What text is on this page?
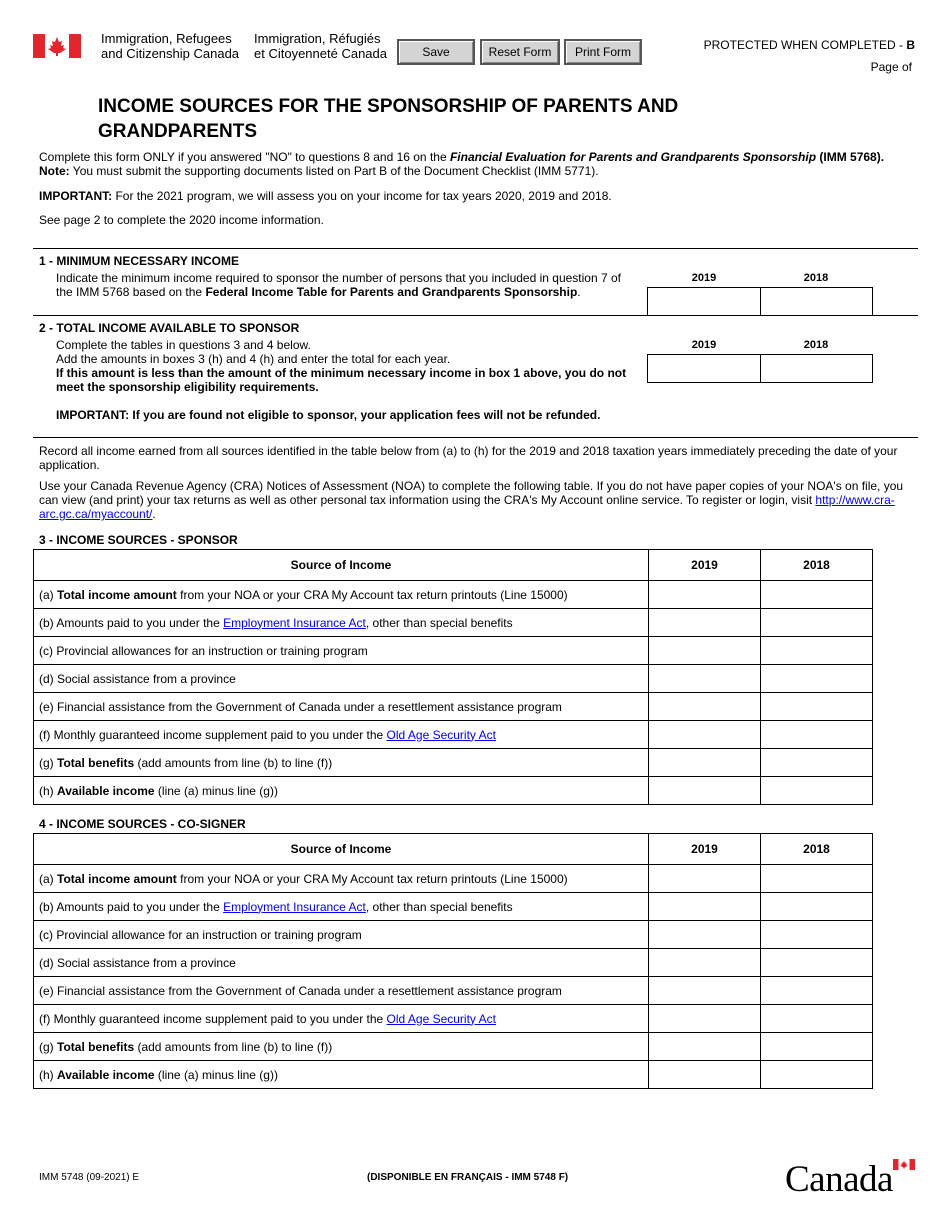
Immigration, Refugees
and Citizenship Canada
Immigration, Réfugiés
et Citoyenneté Canada	Save	Reset Form	Print Form	PROTECTED WHEN COMPLETED - B
Page of
INCOME SOURCES FOR THE SPONSORSHIP OF PARENTS AND GRANDPARENTS
Complete this form ONLY if you answered "NO" to questions 8 and 16 on the Financial Evaluation for Parents and Grandparents Sponsorship (IMM 5768).
Note: You must submit the supporting documents listed on Part B of the Document Checklist (IMM 5771).
IMPORTANT: For the 2021 program, we will assess you on your income for tax years 2020, 2019 and 2018.
See page 2 to complete the 2020 income information.
1 - MINIMUM NECESSARY INCOME
Indicate the minimum income required to sponsor the number of persons that you included in question 7 of the IMM 5768 based on the Federal Income Table for Parents and Grandparents Sponsorship.
2019	2018
2 - TOTAL INCOME AVAILABLE TO SPONSOR
Complete the tables in questions 3 and 4 below.
Add the amounts in boxes 3 (h) and 4 (h) and enter the total for each year.
If this amount is less than the amount of the minimum necessary income in box 1 above, you do not meet the sponsorship eligibility requirements.
IMPORTANT: If you are found not eligible to sponsor, your application fees will not be refunded.
2019	2018
Record all income earned from all sources identified in the table below from (a) to (h) for the 2019 and 2018 taxation years immediately preceding the date of your application.
Use your Canada Revenue Agency (CRA) Notices of Assessment (NOA) to complete the following table. If you do not have paper copies of your NOA's on file, you can view (and print) your tax returns as well as other personal tax information using the CRA's My Account online service. To register or login, visit http://www.cra-arc.gc.ca/myaccount/.
3 - INCOME SOURCES - SPONSOR
Source of Income	2019	2018
(a) Total income amount from your NOA or your CRA My Account tax return printouts (Line 15000)		
(b) Amounts paid to you under the Employment Insurance Act, other than special benefits		
(c) Provincial allowances for an instruction or training program		
(d) Social assistance from a province		
(e) Financial assistance from the Government of Canada under a resettlement assistance program		
(f) Monthly guaranteed income supplement paid to you under the Old Age Security Act		
(g) Total benefits (add amounts from line (b) to line (f))		
(h) Available income (line (a) minus line (g))		
4 - INCOME SOURCES - CO-SIGNER
Source of Income	2019	2018
(a) Total income amount from your NOA or your CRA My Account tax return printouts (Line 15000)		
(b) Amounts paid to you under the Employment Insurance Act, other than special benefits		
(c) Provincial allowance for an instruction or training program		
(d) Social assistance from a province		
(e) Financial assistance from the Government of Canada under a resettlement assistance program		
(f) Monthly guaranteed income supplement paid to you under the Old Age Security Act		
(g) Total benefits (add amounts from line (b) to line (f))		
(h) Available income (line (a) minus line (g))		
IMM 5748 (09-2021) E	(DISPONIBLE EN FRANÇAIS - IMM 5748 F)	Canada
